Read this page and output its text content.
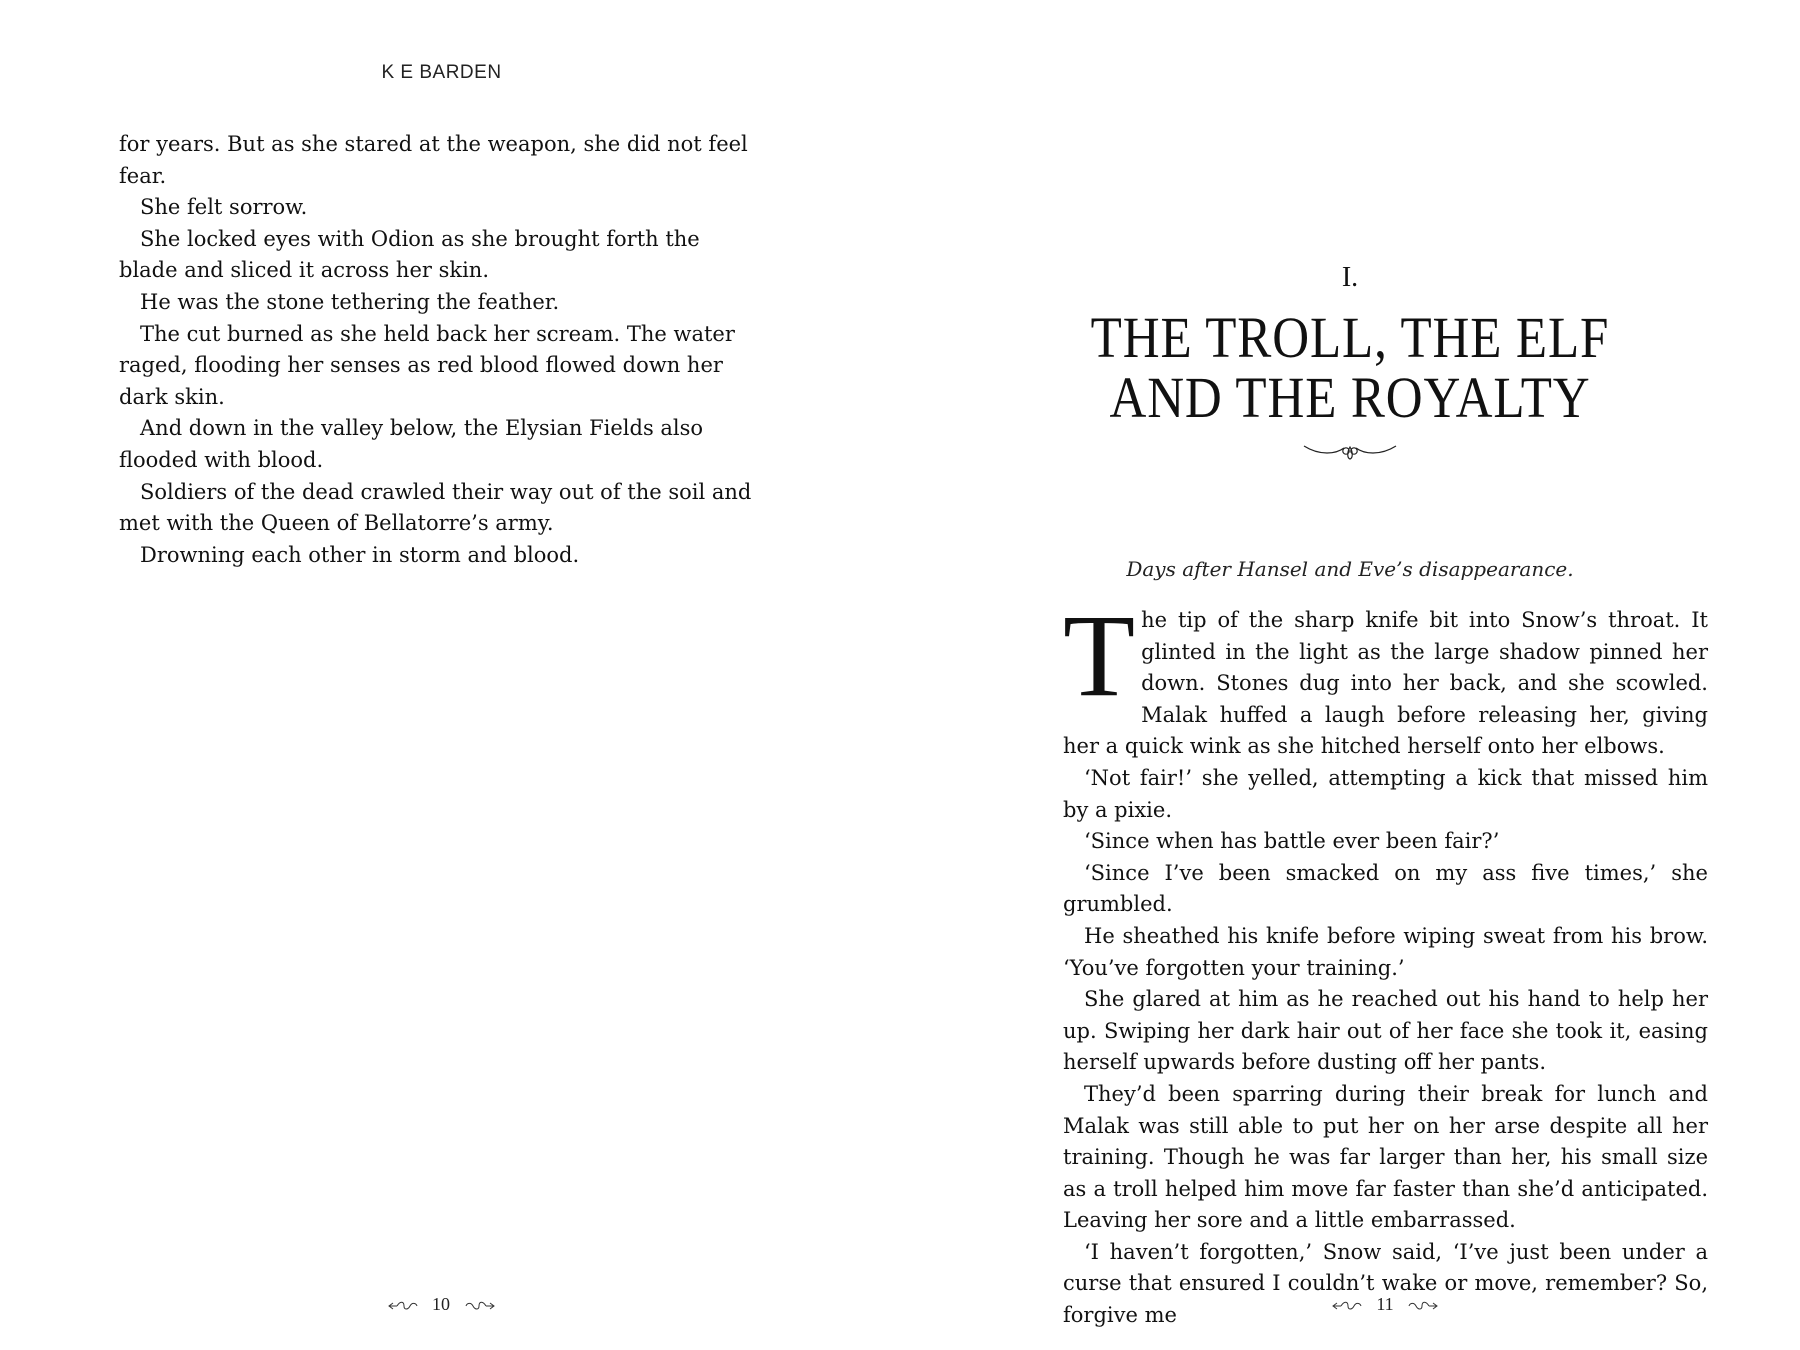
K E BARDEN

for years. But as she stared at the weapon, she did not feel fear.

She felt sorrow.

She locked eyes with Odion as she brought forth the blade and sliced it across her skin.

He was the stone tethering the feather.

The cut burned as she held back her scream. The water raged, flooding her senses as red blood flowed down her dark skin.

And down in the valley below, the Elysian Fields also flooded with blood.

Soldiers of the dead crawled their way out of the soil and met with the Queen of Bellatorre’s army.

Drowning each other in storm and blood.

10
I.
THE TROLL, THE ELF
AND THE ROYALTY
Days after Hansel and Eve’s disappearance.

The tip of the sharp knife bit into Snow’s throat. It glinted in the light as the large shadow pinned her down. Stones dug into her back, and she scowled. Malak huffed a laugh before releasing her, giving her a quick wink as she hitched herself onto her elbows.

‘Not fair!’ she yelled, attempting a kick that missed him by a pixie.

‘Since when has battle ever been fair?’

‘Since I’ve been smacked on my ass five times,’ she grumbled.

He sheathed his knife before wiping sweat from his brow. ‘You’ve forgotten your training.’

She glared at him as he reached out his hand to help her up. Swiping her dark hair out of her face she took it, easing herself upwards before dusting off her pants.

They’d been sparring during their break for lunch and Malak was still able to put her on her arse despite all her training. Though he was far larger than her, his small size as a troll helped him move far faster than she’d anticipated. Leaving her sore and a little embarrassed.

‘I haven’t forgotten,’ Snow said, ‘I’ve just been under a curse that ensured I couldn’t wake or move, remember? So, forgive me	11
